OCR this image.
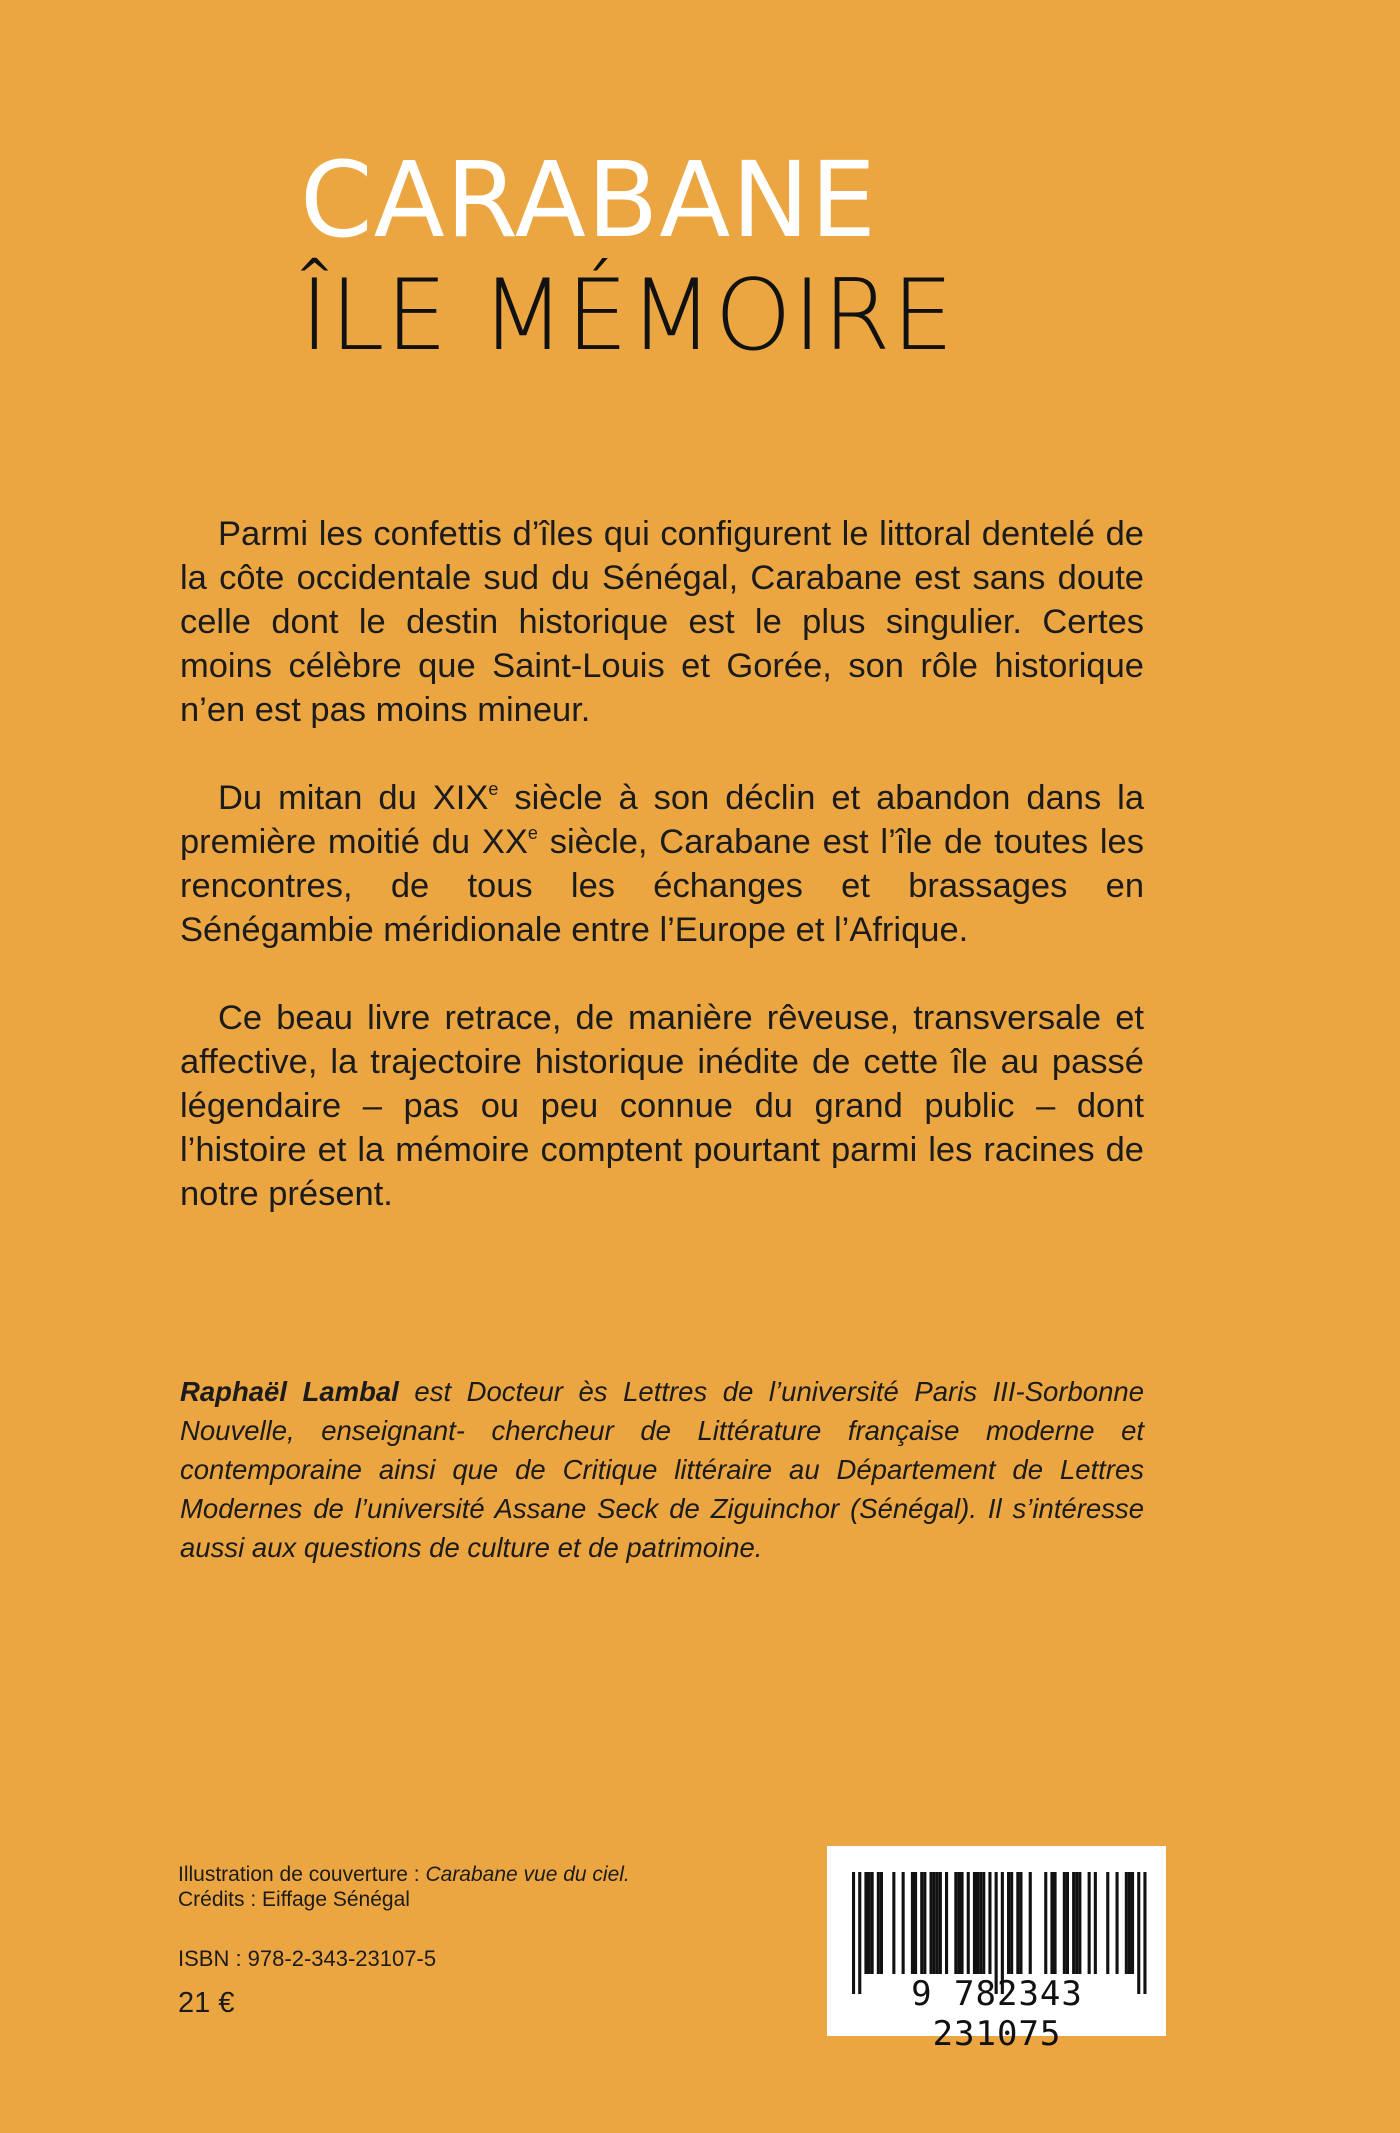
CARABANE
ÎLE MÉMOIRE

Parmi les confettis d’îles qui configurent le littoral dentelé de la côte occidentale sud du Sénégal, Carabane est sans doute celle dont le destin historique est le plus singulier. Certes moins célèbre que Saint-Louis et Gorée, son rôle historique n’en est pas moins mineur.

Du mitan du XIXe siècle à son déclin et abandon dans la première moitié du XXe siècle, Carabane est l’île de toutes les rencontres, de tous les échanges et brassages en Sénégambie méridionale entre l’Europe et l’Afrique.

Ce beau livre retrace, de manière rêveuse, transversale et affective, la trajectoire historique inédite de cette île au passé légendaire – pas ou peu connue du grand public – dont l’histoire et la mémoire comptent pourtant parmi les racines de notre présent.

Raphaël Lambal est Docteur ès Lettres de l’université Paris III-Sorbonne Nouvelle, enseignant- chercheur de Littérature française moderne et contemporaine ainsi que de Critique littéraire au Département de Lettres Modernes de l’université Assane Seck de Ziguinchor (Sénégal). Il s’intéresse aussi aux questions de culture et de patrimoine.
Illustration de couverture : Carabane vue du ciel.
Crédits : Eiffage Sénégal
ISBN : 978-2-343-23107-5
21 €	9 782343 231075
